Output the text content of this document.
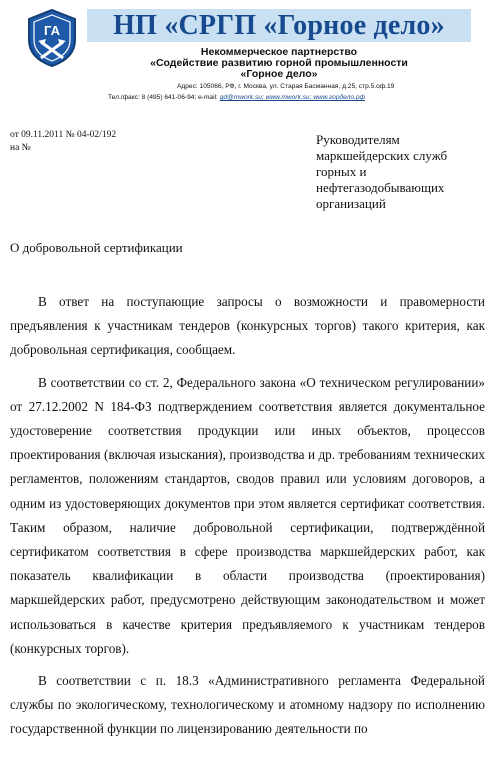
ГА НП «СРГП «Горное дело»
Некоммерческое партнерство
«Содействие развитию горной промышленности
«Горное дело»
Адрес: 105066, РФ, г. Москва, ул. Старая Басманная, д.25, стр.5.оф.19
Тел./факс: 8 (495) 641-06-94; e-mail: gd@mwork.su; www.mwork.su; www.гордело.рф
от 09.11.2011 № 04-02/192
на №
Руководителям
маркшейдерских служб
горных и
нефтегазодобывающих
организаций
О добровольной сертификации

В ответ на поступающие запросы о возможности и правомерности предъявления к участникам тендеров (конкурсных торгов) такого критерия, как добровольная сертификация, сообщаем.

В соответствии со ст. 2, Федерального закона «О техническом регулировании» от 27.12.2002 N 184-ФЗ подтверждением соответствия является документальное удостоверение соответствия продукции или иных объектов, процессов проектирования (включая изыскания), производства и др. требованиям технических регламентов, положениям стандартов, сводов правил или условиям договоров, а одним из удостоверяющих документов при этом является сертификат соответствия. Таким образом, наличие добровольной сертификации, подтверждённой сертификатом соответствия в сфере производства маркшейдерских работ, как показатель квалификации в области производства (проектирования) маркшейдерских работ, предусмотрено действующим законодательством и может использоваться в качестве критерия предъявляемого к участникам тендеров (конкурсных торгов).

В соответствии с п. 18.3 «Административного регламента Федеральной службы по экологическому, технологическому и атомному надзору по исполнению государственной функции по лицензированию деятельности по
